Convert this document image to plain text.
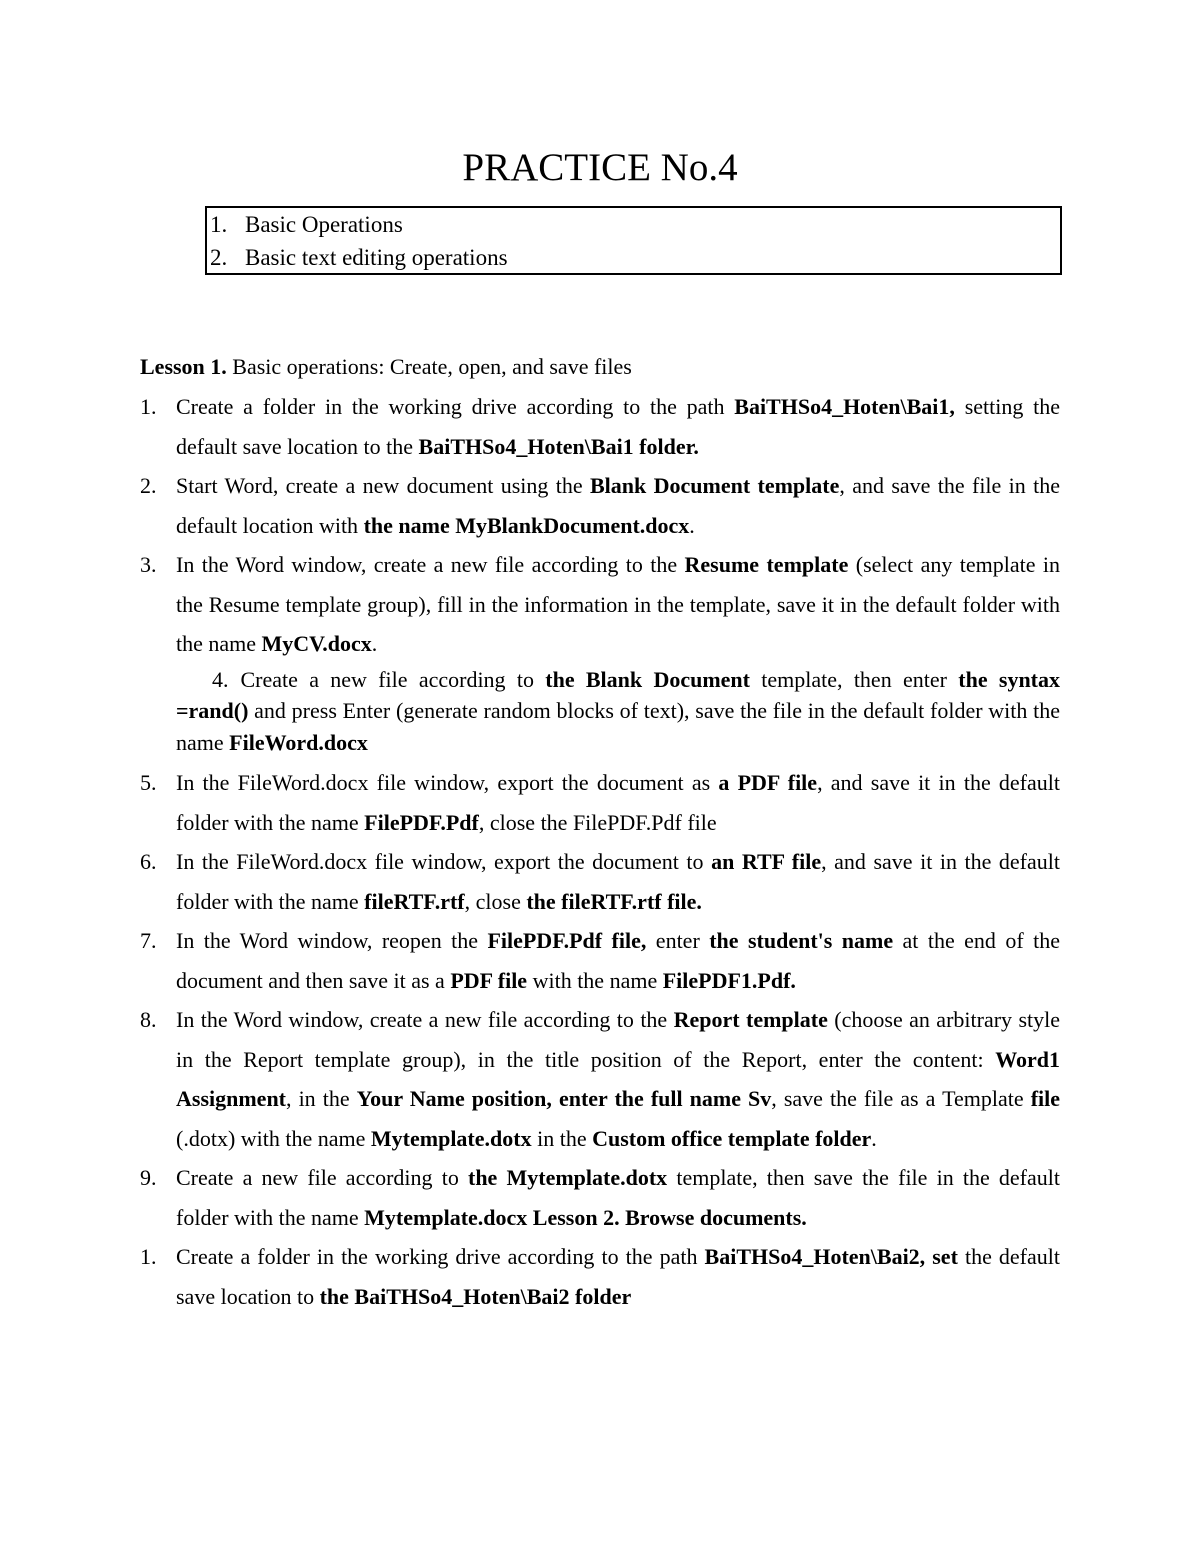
PRACTICE No.4
1. Basic Operations
2. Basic text editing operations

Lesson 1. Basic operations: Create, open, and save files

1. Create a folder in the working drive according to the path BaiTHSo4_Hoten\Bai1, setting the default save location to the BaiTHSo4_Hoten\Bai1 folder.

2. Start Word, create a new document using the Blank Document template, and save the file in the default location with the name MyBlankDocument.docx.

3. In the Word window, create a new file according to the Resume template (select any template in the Resume template group), fill in the information in the template, save it in the default folder with the name MyCV.docx.

4. Create a new file according to the Blank Document template, then enter the syntax =rand() and press Enter (generate random blocks of text), save the file in the default folder with the name FileWord.docx

5. In the FileWord.docx file window, export the document as a PDF file, and save it in the default folder with the name FilePDF.Pdf, close the FilePDF.Pdf file

6. In the FileWord.docx file window, export the document to an RTF file, and save it in the default folder with the name fileRTF.rtf, close the fileRTF.rtf file.

7. In the Word window, reopen the FilePDF.Pdf file, enter the student's name at the end of the document and then save it as a PDF file with the name FilePDF1.Pdf.

8. In the Word window, create a new file according to the Report template (choose an arbitrary style in the Report template group), in the title position of the Report, enter the content: Word1 Assignment, in the Your Name position, enter the full name Sv, save the file as a Template file (.dotx) with the name Mytemplate.dotx in the Custom office template folder.

9. Create a new file according to the Mytemplate.dotx template, then save the file in the default folder with the name Mytemplate.docx Lesson 2. Browse documents.

1. Create a folder in the working drive according to the path BaiTHSo4_Hoten\Bai2, set the default save location to the BaiTHSo4_Hoten\Bai2 folder
